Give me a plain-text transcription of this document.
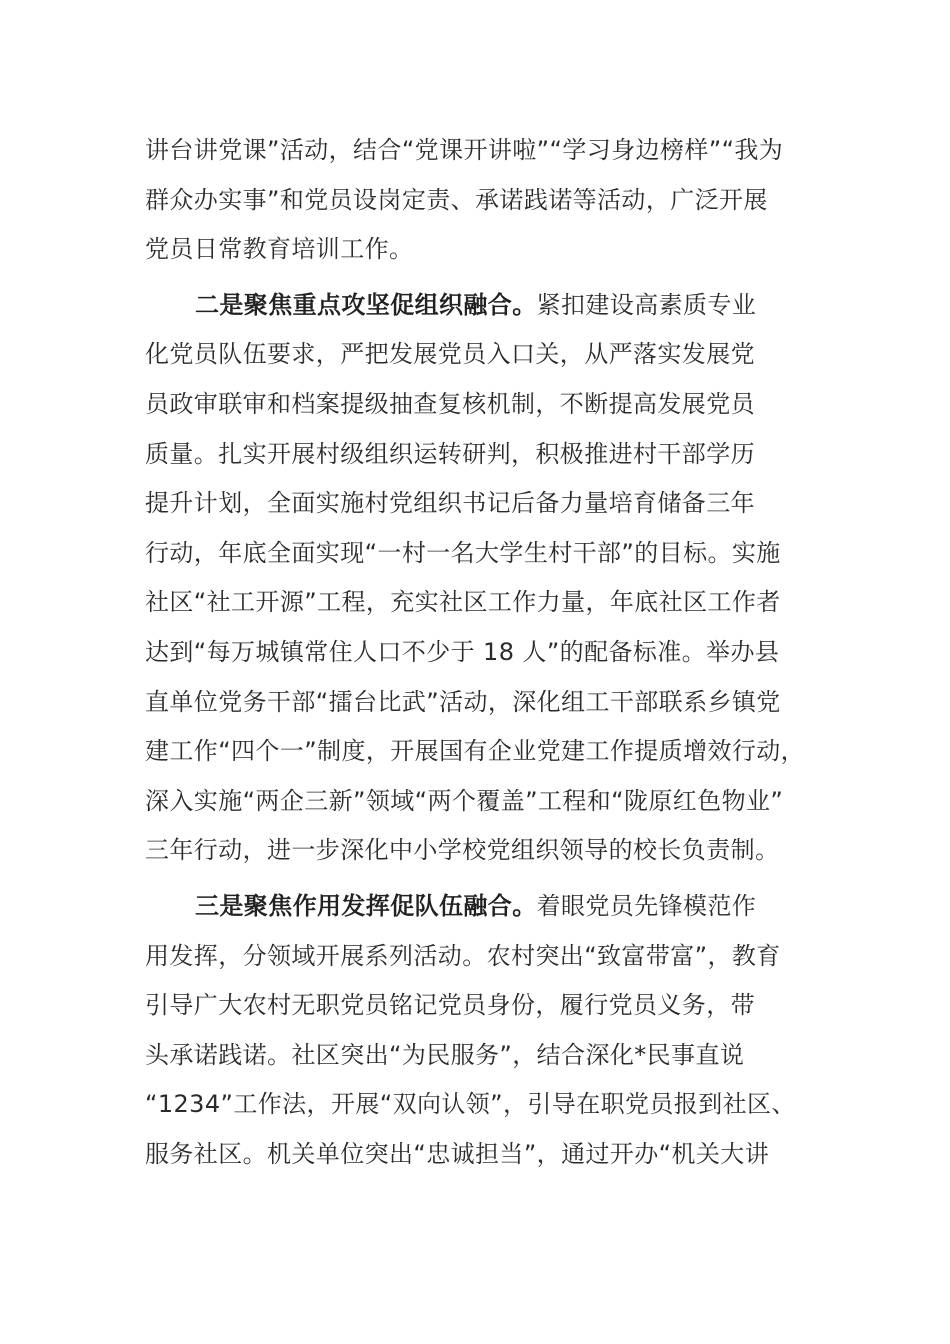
讲台讲党课”活动，结合“党课开讲啦”“学习身边榜样”“我为
群众办实事”和党员设岗定责、承诺践诺等活动，广泛开展
党员日常教育培训工作。
二是聚焦重点攻坚促组织融合。紧扣建设高素质专业
化党员队伍要求，严把发展党员入口关，从严落实发展党
员政审联审和档案提级抽查复核机制，不断提高发展党员
质量。扎实开展村级组织运转研判，积极推进村干部学历
提升计划，全面实施村党组织书记后备力量培育储备三年
行动，年底全面实现“一村一名大学生村干部”的目标。实施
社区“社工开源”工程，充实社区工作力量，年底社区工作者
达到“每万城镇常住人口不少于 18 人”的配备标准。举办县
直单位党务干部“擂台比武”活动，深化组工干部联系乡镇党
建工作“四个一”制度，开展国有企业党建工作提质增效行动，
深入实施“两企三新”领域“两个覆盖”工程和“陇原红色物业”
三年行动，进一步深化中小学校党组织领导的校长负责制。
三是聚焦作用发挥促队伍融合。着眼党员先锋模范作
用发挥，分领域开展系列活动。农村突出“致富带富”，教育
引导广大农村无职党员铭记党员身份，履行党员义务，带
头承诺践诺。社区突出“为民服务”，结合深化*民事直说
“1234”工作法，开展“双向认领”，引导在职党员报到社区、
服务社区。机关单位突出“忠诚担当”，通过开办“机关大讲
